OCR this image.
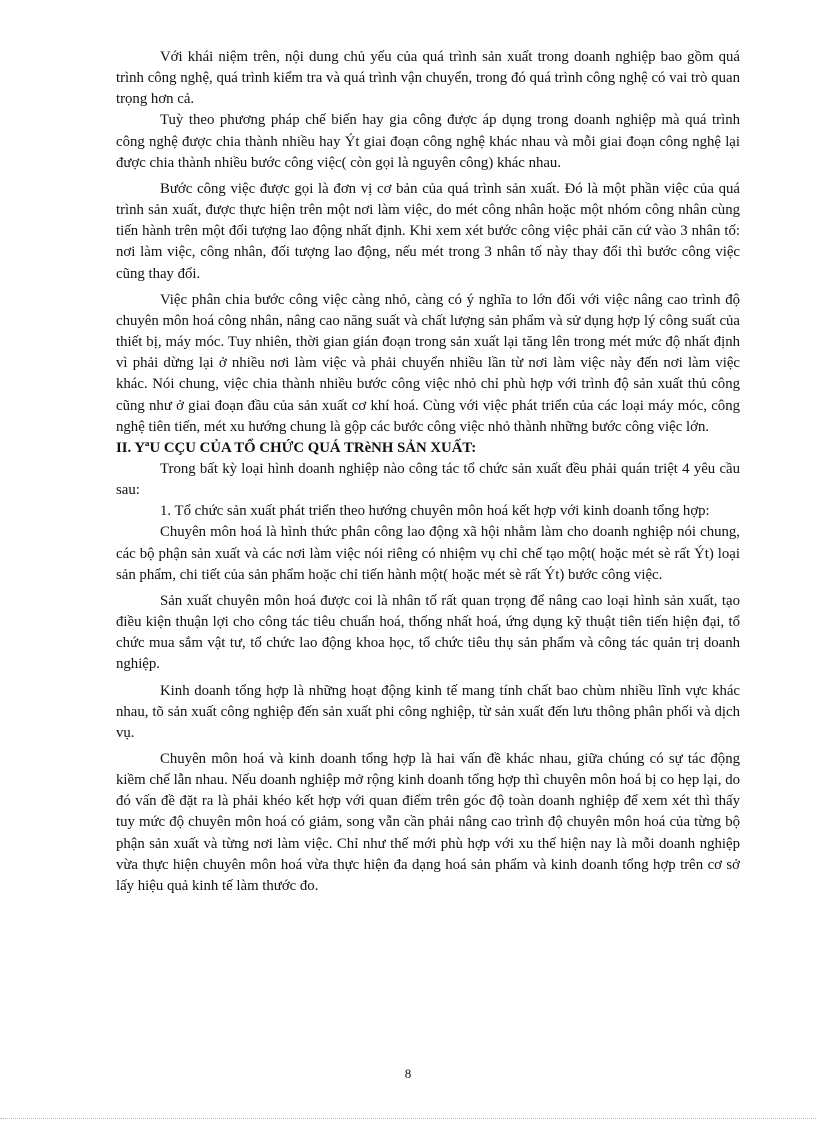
Với khái niệm trên, nội dung chủ yếu của quá trình sản xuất trong doanh nghiệp bao gồm quá trình công nghệ, quá trình kiểm tra và quá trình vận chuyển, trong đó quá trình công nghệ có vai trò quan trọng hơn cả.

Tuỳ theo phương pháp chế biến hay gia công được áp dụng trong doanh nghiệp mà quá trình công nghệ được chia thành nhiều hay Ýt giai đoạn công nghệ khác nhau và mỗi giai đoạn công nghệ lại được chia thành nhiều bước công việc( còn gọi là nguyên công) khác nhau.

Bước công việc được gọi là đơn vị cơ bản của quá trình sản xuất. Đó là một phần việc của quá trình sản xuất, được thực hiện trên một nơi làm việc, do mét công nhân hoặc một nhóm công nhân cùng tiến hành trên một đối tượng lao động nhất định. Khi xem xét bước công việc phải căn cứ vào 3 nhân tố: nơi làm việc, công nhân, đối tượng lao động, nếu mét trong 3 nhân tố này thay đổi thì bước công việc cũng thay đổi.

Việc phân chia bước công việc càng nhỏ, càng có ý nghĩa to lớn đối với việc nâng cao trình độ chuyên môn hoá công nhân, nâng cao năng suất và chất lượng sản phẩm và sử dụng hợp lý công suất của thiết bị, máy móc. Tuy nhiên, thời gian gián đoạn trong sản xuất lại tăng lên trong mét mức độ nhất định vì phải dừng lại ở nhiều nơi làm việc và phải chuyển nhiều lần từ nơi làm việc này đến nơi làm việc khác. Nói chung, việc chia thành nhiều bước công việc nhỏ chỉ phù hợp với trình độ sản xuất thủ công cũng như ở giai đoạn đầu của sản xuất cơ khí hoá. Cùng với việc phát triển của các loại máy móc, công nghệ tiên tiến, mét xu hướng chung là gộp các bước công việc nhỏ thành những bước công việc lớn.

II. YªU CÇU CỦA TỔ CHỨC QUÁ TRèNH SẢN XUẤT:

Trong bất kỳ loại hình doanh nghiệp nào công tác tổ chức sản xuất đều phải quán triệt 4 yêu cầu sau:

1. Tổ chức sản xuất phát triển theo hướng chuyên môn hoá kết hợp với kinh doanh tổng hợp:

Chuyên môn hoá là hình thức phân công lao động xã hội nhằm làm cho doanh nghiệp nói chung, các bộ phận sản xuất và các nơi làm việc nói riêng có nhiệm vụ chỉ chế tạo một( hoặc mét sè rất Ýt) loại sản phẩm, chi tiết của sản phẩm hoặc chỉ tiến hành một( hoặc mét sè rất Ýt) bước công việc.

Sản xuất chuyên môn hoá được coi là nhân tố rất quan trọng để nâng cao loại hình sản xuất, tạo điều kiện thuận lợi cho công tác tiêu chuẩn hoá, thống nhất hoá, ứng dụng kỹ thuật tiên tiến hiện đại, tổ chức mua sắm vật tư, tổ chức lao động khoa học, tổ chức tiêu thụ sản phẩm và công tác quản trị doanh nghiệp.

Kinh doanh tổng hợp là những hoạt động kinh tế mang tính chất bao chùm nhiều lĩnh vực khác nhau, tõ sản xuất công nghiệp đến sản xuất phi công nghiệp, từ sản xuất đến lưu thông phân phối và dịch vụ.

Chuyên môn hoá và kinh doanh tổng hợp là hai vấn đề khác nhau, giữa chúng có sự tác động kiềm chế lẫn nhau. Nếu doanh nghiệp mở rộng kinh doanh tổng hợp thì chuyên môn hoá bị co hẹp lại, do đó vấn đề đặt ra là phải khéo kết hợp với quan điểm trên góc độ toàn doanh nghiệp để xem xét thì thấy tuy mức độ chuyên môn hoá có giảm, song vẫn cần phải nâng cao trình độ chuyên môn hoá của từng bộ phận sản xuất và từng nơi làm việc. Chỉ như thế mới phù hợp với xu thế hiện nay là mỗi doanh nghiệp vừa thực hiện chuyên môn hoá vừa thực hiện đa dạng hoá sản phẩm và kinh doanh tổng hợp trên cơ sở lấy hiệu quả kinh tế làm thước đo.

8
